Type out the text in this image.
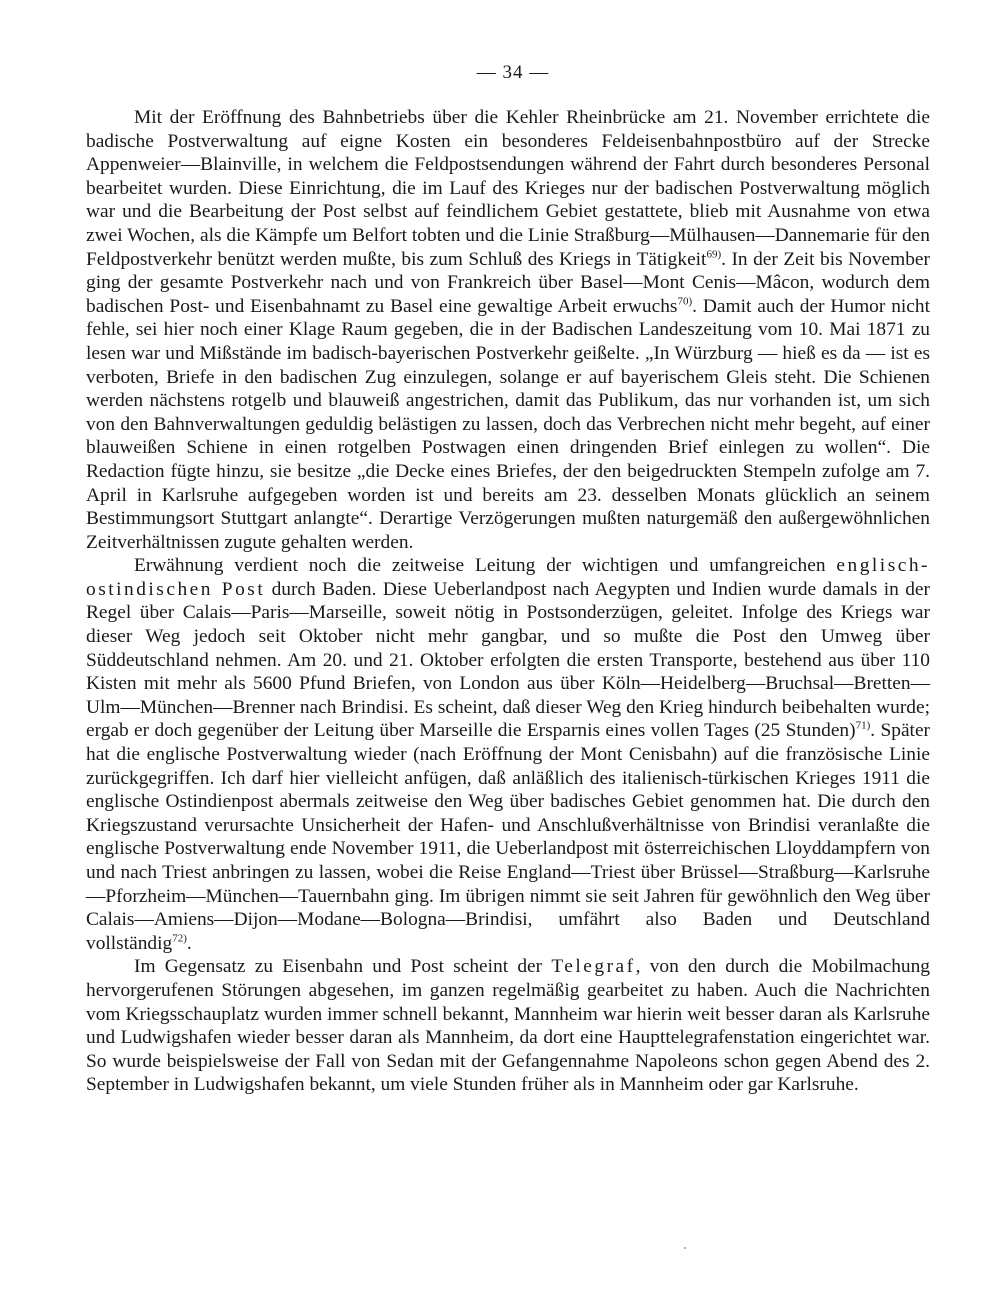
— 34 —

Mit der Eröffnung des Bahnbetriebs über die Kehler Rheinbrücke am 21. November errichtete die badische Postverwaltung auf eigne Kosten ein besonderes Feldeisenbahnpostbüro auf der Strecke Appenweier—Blainville, in welchem die Feldpostsendungen während der Fahrt durch besonderes Personal bearbeitet wurden. Diese Einrichtung, die im Lauf des Krieges nur der badischen Postverwaltung möglich war und die Bearbeitung der Post selbst auf feindlichem Gebiet gestattete, blieb mit Ausnahme von etwa zwei Wochen, als die Kämpfe um Belfort tobten und die Linie Straßburg—Mülhausen—Dannemarie für den Feldpostverkehr benützt werden mußte, bis zum Schluß des Kriegs in Tätigkeit$^{69)}$. In der Zeit bis November ging der gesamte Postverkehr nach und von Frankreich über Basel—Mont Cenis—Mâcon, wodurch dem badischen Post- und Eisenbahnamt zu Basel eine gewaltige Arbeit erwuchs$^{70)}$. Damit auch der Humor nicht fehle, sei hier noch einer Klage Raum gegeben, die in der Badischen Landeszeitung vom 10. Mai 1871 zu lesen war und Mißstände im badisch-bayerischen Postverkehr geißelte. „In Würzburg — hieß es da — ist es verboten, Briefe in den badischen Zug einzulegen, solange er auf bayerischem Gleis steht. Die Schienen werden nächstens rotgelb und blauweiß angestrichen, damit das Publikum, das nur vorhanden ist, um sich von den Bahnverwaltungen geduldig belästigen zu lassen, doch das Verbrechen nicht mehr begeht, auf einer blauweißen Schiene in einen rotgelben Postwagen einen dringenden Brief einlegen zu wollen“. Die Redaction fügte hinzu, sie besitze „die Decke eines Briefes, der den beigedruckten Stempeln zufolge am 7. April in Karlsruhe aufgegeben worden ist und bereits am 23. desselben Monats glücklich an seinem Bestimmungsort Stuttgart anlangte“. Derartige Verzögerungen mußten naturgemäß den außergewöhnlichen Zeitverhältnissen zugute gehalten werden.

Erwähnung verdient noch die zeitweise Leitung der wichtigen und umfangreichen englisch-ostindischen Post durch Baden. Diese Ueberlandpost nach Aegypten und Indien wurde damals in der Regel über Calais—Paris—Marseille, soweit nötig in Postsonderzügen, geleitet. Infolge des Kriegs war dieser Weg jedoch seit Oktober nicht mehr gangbar, und so mußte die Post den Umweg über Süddeutschland nehmen. Am 20. und 21. Oktober erfolgten die ersten Transporte, bestehend aus über 110 Kisten mit mehr als 5600 Pfund Briefen, von London aus über Köln—Heidelberg—Bruchsal—Bretten—Ulm—München—Brenner nach Brindisi. Es scheint, daß dieser Weg den Krieg hindurch beibehalten wurde; ergab er doch gegenüber der Leitung über Marseille die Ersparnis eines vollen Tages (25 Stunden)$^{71)}$. Später hat die englische Postverwaltung wieder (nach Eröffnung der Mont Cenisbahn) auf die französische Linie zurückgegriffen. Ich darf hier vielleicht anfügen, daß anläßlich des italienisch-türkischen Krieges 1911 die englische Ostindienpost abermals zeitweise den Weg über badisches Gebiet genommen hat. Die durch den Kriegszustand verursachte Unsicherheit der Hafen- und Anschlußverhältnisse von Brindisi veranlaßte die englische Postverwaltung ende November 1911, die Ueberlandpost mit österreichischen Lloyddampfern von und nach Triest anbringen zu lassen, wobei die Reise England—Triest über Brüssel—Straßburg—Karlsruhe—Pforzheim—München—Tauernbahn ging. Im übrigen nimmt sie seit Jahren für gewöhnlich den Weg über Calais—Amiens—Dijon—Modane—Bologna—Brindisi, umfährt also Baden und Deutschland vollständig$^{72)}$.

Im Gegensatz zu Eisenbahn und Post scheint der Telegraf, von den durch die Mobilmachung hervorgerufenen Störungen abgesehen, im ganzen regelmäßig gearbeitet zu haben. Auch die Nachrichten vom Kriegsschauplatz wurden immer schnell bekannt, Mannheim war hierin weit besser daran als Karlsruhe und Ludwigshafen wieder besser daran als Mannheim, da dort eine Haupttelegrafenstation eingerichtet war. So wurde beispielsweise der Fall von Sedan mit der Gefangennahme Napoleons schon gegen Abend des 2. September in Ludwigshafen bekannt, um viele Stunden früher als in Mannheim oder gar Karlsruhe.
